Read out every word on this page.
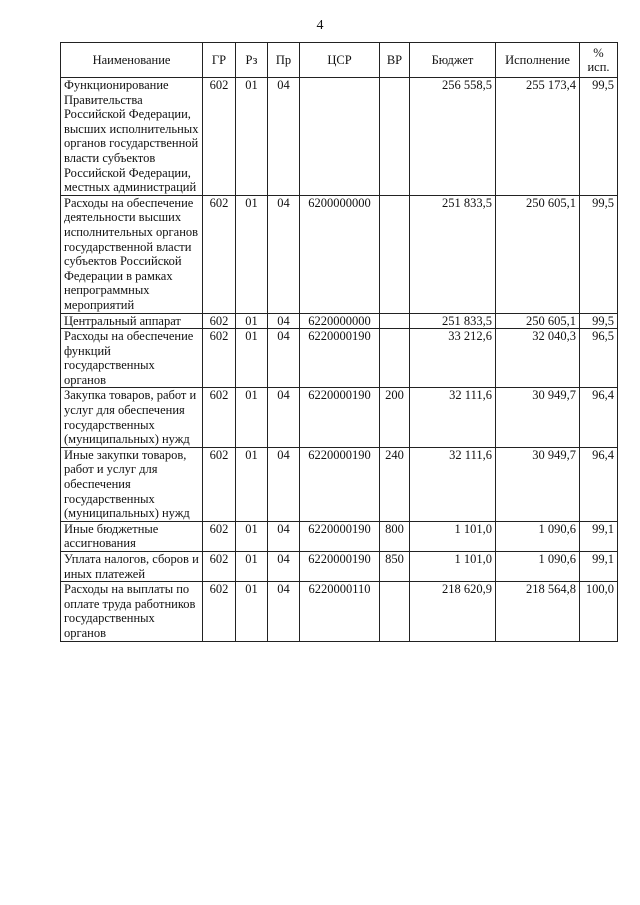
4
Наименование	ГР	Рз	Пр	ЦСР	ВР	Бюджет	Исполнение	%
исп.

Функционирование Правительства Российской Федерации, высших исполнительных органов государственной власти субъектов Российской Федерации, местных администраций	602	01	04			256 558,5	255 173,4	99,5
Расходы на обеспечение деятельности высших исполнительных органов государственной власти субъектов Российской Федерации в рамках непрограммных мероприятий	602	01	04	6200000000		251 833,5	250 605,1	99,5
Центральный аппарат	602	01	04	6220000000		251 833,5	250 605,1	99,5
Расходы на обеспечение функций государственных органов	602	01	04	6220000190		33 212,6	32 040,3	96,5
Закупка товаров, работ и услуг для обеспечения государственных (муниципальных) нужд	602	01	04	6220000190	200	32 111,6	30 949,7	96,4
Иные закупки товаров, работ и услуг для обеспечения государственных (муниципальных) нужд	602	01	04	6220000190	240	32 111,6	30 949,7	96,4
Иные бюджетные ассигнования	602	01	04	6220000190	800	1 101,0	1 090,6	99,1
Уплата налогов, сборов и иных платежей	602	01	04	6220000190	850	1 101,0	1 090,6	99,1
Расходы на выплаты по оплате труда работников государственных органов	602	01	04	6220000110		218 620,9	218 564,8	100,0
